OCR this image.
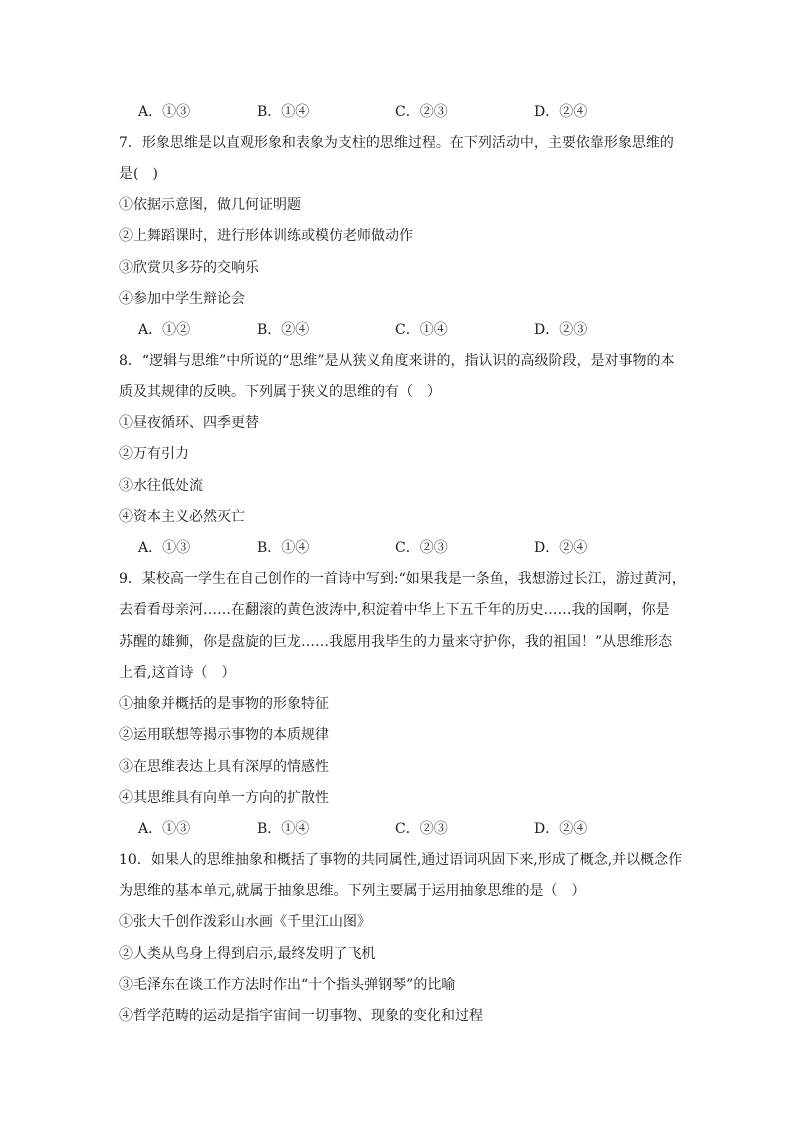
A．①③	B．①④	C．②③	D．②④
7．形象思维是以直观形象和表象为支柱的思维过程。在下列活动中，主要依靠形象思维的
是(　)
①依据示意图，做几何证明题
②上舞蹈课时，进行形体训练或模仿老师做动作
③欣赏贝多芬的交响乐
④参加中学生辩论会
A．①②	B．②④	C．①④	D．②③
8．“逻辑与思维”中所说的“思维”是从狭义角度来讲的，指认识的高级阶段，是对事物的本
质及其规律的反映。下列属于狭义的思维的有（　）
①昼夜循环、四季更替
②万有引力
③水往低处流
④资本主义必然灭亡
A．①③	B．①④	C．②③	D．②④
9．某校高一学生在自己创作的一首诗中写到:“如果我是一条鱼，我想游过长江，游过黄河，
去看看母亲河……在翻滚的黄色波涛中,积淀着中华上下五千年的历史……我的国啊，你是
苏醒的雄狮，你是盘旋的巨龙……我愿用我毕生的力量来守护你，我的祖国！”从思维形态
上看,这首诗（　）
①抽象并概括的是事物的形象特征
②运用联想等揭示事物的本质规律
③在思维表达上具有深厚的情感性
④其思维具有向单一方向的扩散性
A．①③	B．①④	C．②③	D．②④
10．如果人的思维抽象和概括了事物的共同属性,通过语词巩固下来,形成了概念,并以概念作
为思维的基本单元,就属于抽象思维。下列主要属于运用抽象思维的是（　）
①张大千创作泼彩山水画《千里江山图》
②人类从鸟身上得到启示,最终发明了飞机
③毛泽东在谈工作方法时作出“十个指头弹钢琴”的比喻
④哲学范畴的运动是指宇宙间一切事物、现象的变化和过程
